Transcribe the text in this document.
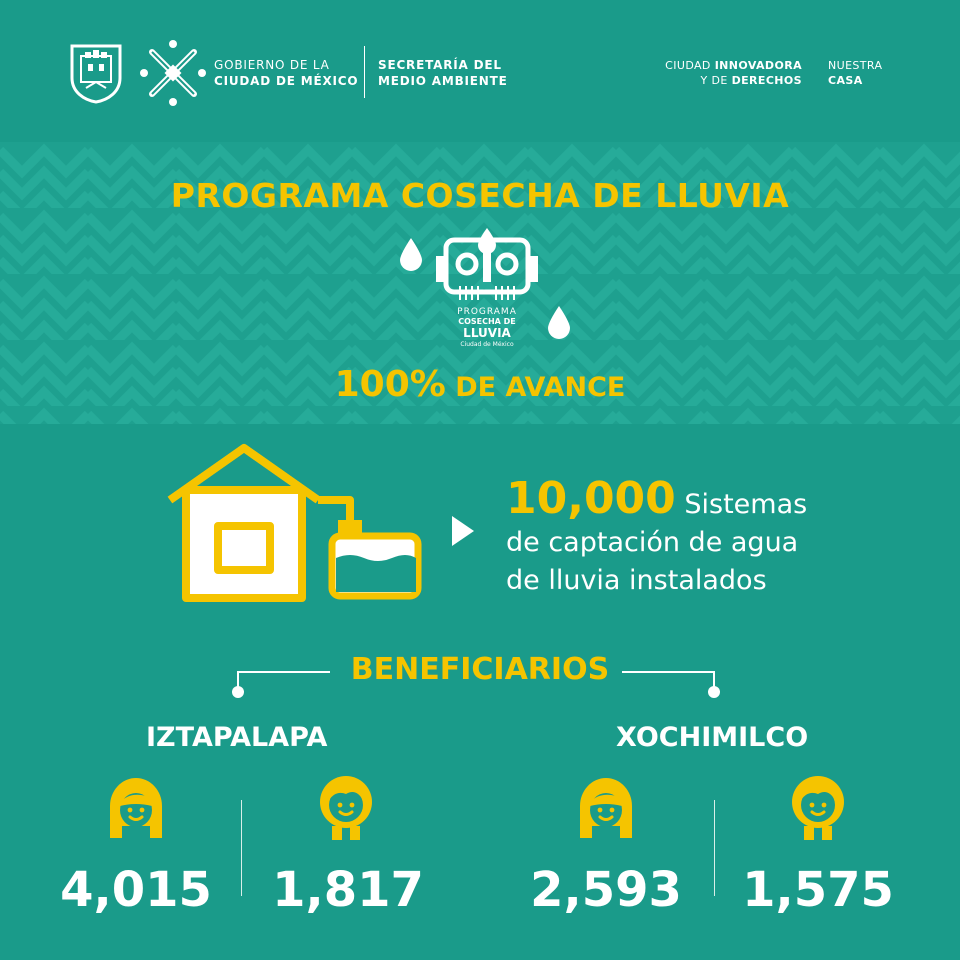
GOBIERNO DE LA
CIUDAD DE MÉXICO
SECRETARÍA DEL
MEDIO AMBIENTE
CIUDAD INNOVADORA
Y DE DERECHOS
NUESTRA
CASA
PROGRAMA COSECHA DE LLUVIA
PROGRAMA
COSECHA DE
LLUVIA
Ciudad de México
100% DE AVANCE
10,000 Sistemas
de captación de agua
de lluvia instalados
BENEFICIARIOS
IZTAPALAPA	XOCHIMILCO
4,015 1,817 2,593 1,575
